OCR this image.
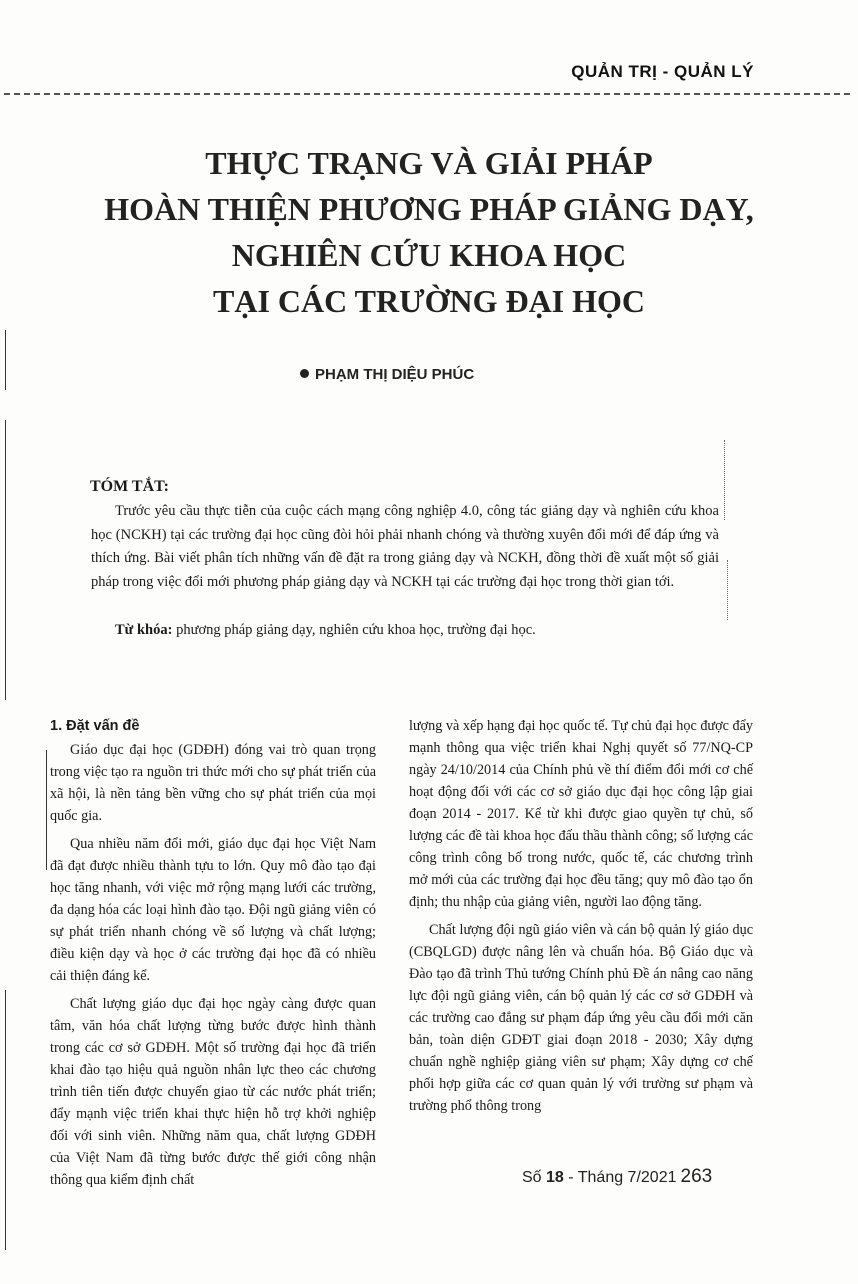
QUẢN TRỊ - QUẢN LÝ
THỰC TRẠNG VÀ GIẢI PHÁP
HOÀN THIỆN PHƯƠNG PHÁP GIẢNG DẠY,
NGHIÊN CỨU KHOA HỌC
TẠI CÁC TRƯỜNG ĐẠI HỌC
PHẠM THỊ DIỆU PHÚC
TÓM TẮT:
Trước yêu cầu thực tiễn của cuộc cách mạng công nghiệp 4.0, công tác giảng dạy và nghiên cứu khoa học (NCKH) tại các trường đại học cũng đòi hỏi phải nhanh chóng và thường xuyên đổi mới để đáp ứng và thích ứng. Bài viết phân tích những vấn đề đặt ra trong giảng dạy và NCKH, đồng thời đề xuất một số giải pháp trong việc đổi mới phương pháp giảng dạy và NCKH tại các trường đại học trong thời gian tới.
Từ khóa: phương pháp giảng dạy, nghiên cứu khoa học, trường đại học.
1. Đặt vấn đề

Giáo dục đại học (GDĐH) đóng vai trò quan trọng trong việc tạo ra nguồn tri thức mới cho sự phát triển của xã hội, là nền tảng bền vững cho sự phát triển của mọi quốc gia.

Qua nhiều năm đổi mới, giáo dục đại học Việt Nam đã đạt được nhiều thành tựu to lớn. Quy mô đào tạo đại học tăng nhanh, với việc mở rộng mạng lưới các trường, đa dạng hóa các loại hình đào tạo. Đội ngũ giảng viên có sự phát triển nhanh chóng về số lượng và chất lượng; điều kiện dạy và học ở các trường đại học đã có nhiều cải thiện đáng kể.

Chất lượng giáo dục đại học ngày càng được quan tâm, văn hóa chất lượng từng bước được hình thành trong các cơ sở GDĐH. Một số trường đại học đã triển khai đào tạo hiệu quả nguồn nhân lực theo các chương trình tiên tiến được chuyển giao từ các nước phát triển; đẩy mạnh việc triển khai thực hiện hỗ trợ khởi nghiệp đối với sinh viên. Những năm qua, chất lượng GDĐH của Việt Nam đã từng bước được thế giới công nhận thông qua kiểm định chất

lượng và xếp hạng đại học quốc tế. Tự chủ đại học được đẩy mạnh thông qua việc triển khai Nghị quyết số 77/NQ-CP ngày 24/10/2014 của Chính phủ về thí điểm đổi mới cơ chế hoạt động đối với các cơ sở giáo dục đại học công lập giai đoạn 2014 - 2017. Kể từ khi được giao quyền tự chủ, số lượng các đề tài khoa học đấu thầu thành công; số lượng các công trình công bố trong nước, quốc tế, các chương trình mở mới của các trường đại học đều tăng; quy mô đào tạo ổn định; thu nhập của giảng viên, người lao động tăng.

Chất lượng đội ngũ giáo viên và cán bộ quản lý giáo dục (CBQLGD) được nâng lên và chuẩn hóa. Bộ Giáo dục và Đào tạo đã trình Thủ tướng Chính phủ Đề án nâng cao năng lực đội ngũ giảng viên, cán bộ quản lý các cơ sở GDĐH và các trường cao đẳng sư phạm đáp ứng yêu cầu đổi mới căn bản, toàn diện GDĐT giai đoạn 2018 - 2030; Xây dựng chuẩn nghề nghiệp giảng viên sư phạm; Xây dựng cơ chế phối hợp giữa các cơ quan quản lý với trường sư phạm và trường phổ thông trong

Số 18 - Tháng 7/2021 263
